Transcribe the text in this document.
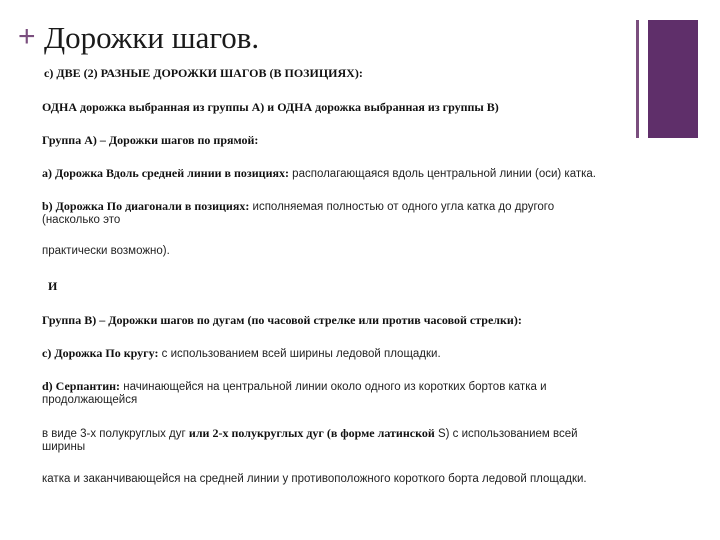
+ Дорожки шагов.
c) ДВЕ (2) РАЗНЫЕ ДОРОЖКИ ШАГОВ (В ПОЗИЦИЯХ):
ОДНА дорожка выбранная из группы А) и ОДНА дорожка выбранная из группы В)
Группа А) – Дорожки шагов по прямой:
а) Дорожка Вдоль средней линии в позициях: располагающаяся вдоль центральной линии (оси) катка.
b) Дорожка По диагонали в позициях: исполняемая полностью от одного угла катка до другого
(насколько это
практически возможно).
И
Группа В) – Дорожки шагов по дугам (по часовой стрелке или против часовой стрелки):
c) Дорожка По кругу: с использованием всей ширины ледовой площадки.
d) Серпантин: начинающейся на центральной линии около одного из коротких бортов катка и
продолжающейся
в виде 3-х полукруглых дуг или 2-х полукруглых дуг (в форме латинской S) с использованием всей
ширины
катка и заканчивающейся на средней линии у противоположного короткого борта ледовой площадки.
